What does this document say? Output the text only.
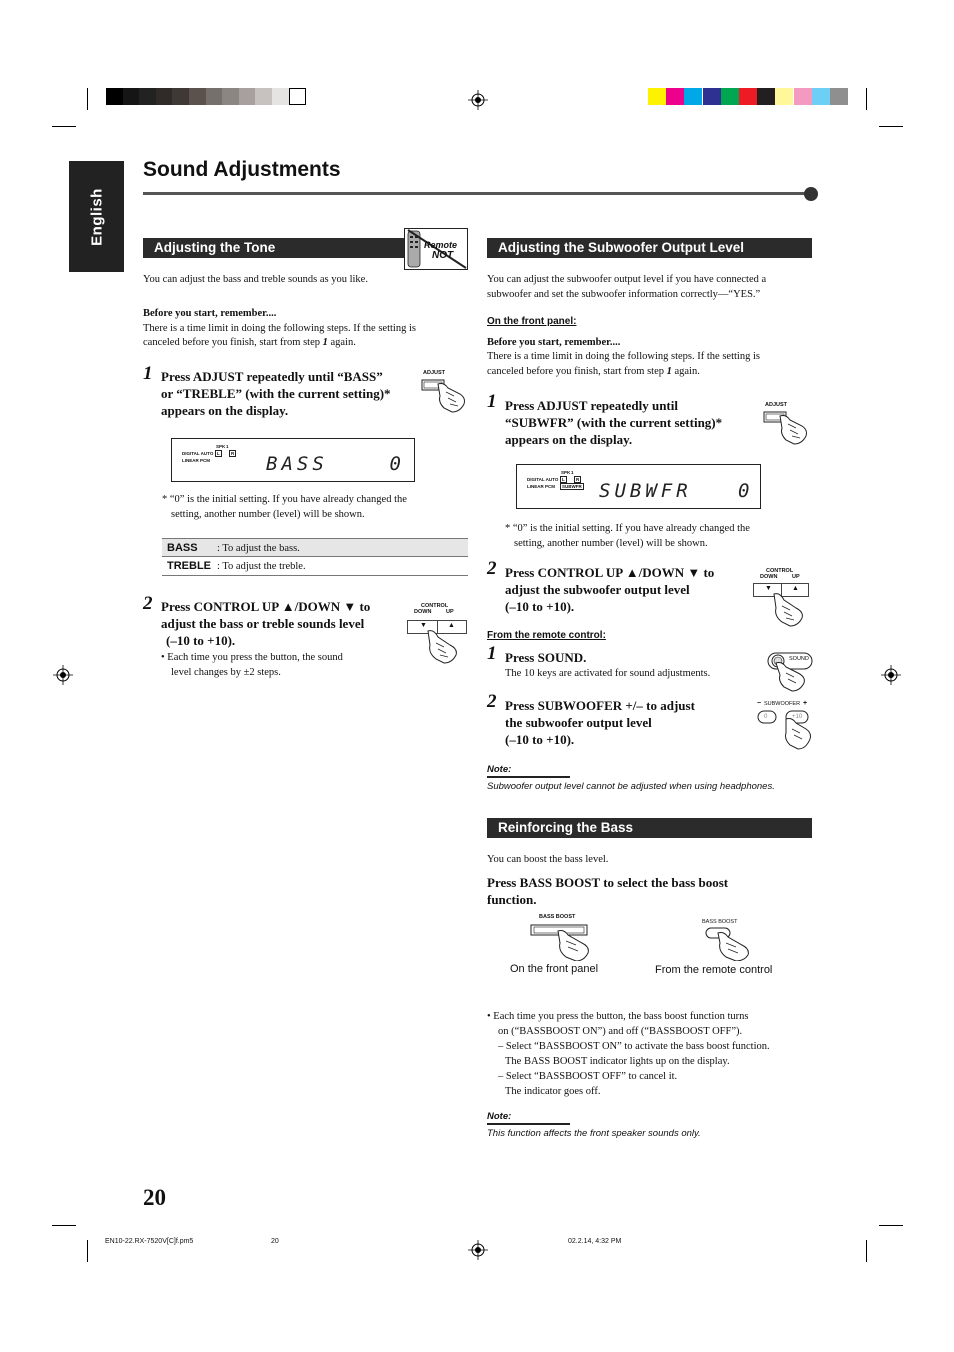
English
Sound Adjustments
Adjusting the Tone	Remote
NOT
You can adjust the bass and treble sounds as you like.
Before you start, remember....
There is a time limit in doing the following steps. If the setting is
canceled before you finish, start from step 1 again.
1 Press ADJUST repeatedly until “BASS”
or “TREBLE” (with the current setting)*
appears on the display.
ADJUST
SPK 1
DIGITAL AUTO
LINEAR PCM
L	R BASS    0
* “0” is the initial setting. If you have already changed the
setting, another number (level) will be shown.
BASS : To adjust the bass.
TREBLE : To adjust the treble.
2 Press CONTROL UP ▲/DOWN ▼ to
adjust the bass or treble sounds level
(–10 to +10).
CONTROL
DOWN	UP
▼	▲
• Each time you press the button, the sound
level changes by ±2 steps.
Adjusting the Subwoofer Output Level
You can adjust the subwoofer output level if you have connected a
subwoofer and set the subwoofer information correctly—“YES.”
On the front panel:
Before you start, remember....
There is a time limit in doing the following steps. If the setting is
canceled before you finish, start from step 1 again.
1 Press ADJUST repeatedly until
“SUBWFR” (with the current setting)*
appears on the display.
ADJUST
SPK 1
DIGITAL AUTO
LINEAR PCM
L	R
SUBWFR SUBWFR   0
* “0” is the initial setting. If you have already changed the
setting, another number (level) will be shown.
2 Press CONTROL UP ▲/DOWN ▼ to
adjust the subwoofer output level
(–10 to +10).
CONTROL
DOWN	UP
▼	▲
From the remote control:
1 Press SOUND.
The 10 keys are activated for sound adjustments.
SOUND
2 Press SUBWOOFER +/– to adjust
the subwoofer output level
(–10 to +10).
− SUBWOOFER +
0	+10
Note:
Subwoofer output level cannot be adjusted when using headphones.
Reinforcing the Bass
You can boost the bass level.
Press BASS BOOST to select the bass boost
function.
BASS BOOST
BASS BOOST
On the front panel	From the remote control
• Each time you press the button, the bass boost function turns
on (“BASSBOOST ON”) and off (“BASSBOOST OFF”).
– Select “BASSBOOST ON” to activate the bass boost function.
The BASS BOOST indicator lights up on the display.
– Select “BASSBOOST OFF” to cancel it.
The indicator goes off.
Note:
This function affects the front speaker sounds only.
20
EN10-22.RX-7520V[C]f.pm5	20	02.2.14, 4:32 PM
